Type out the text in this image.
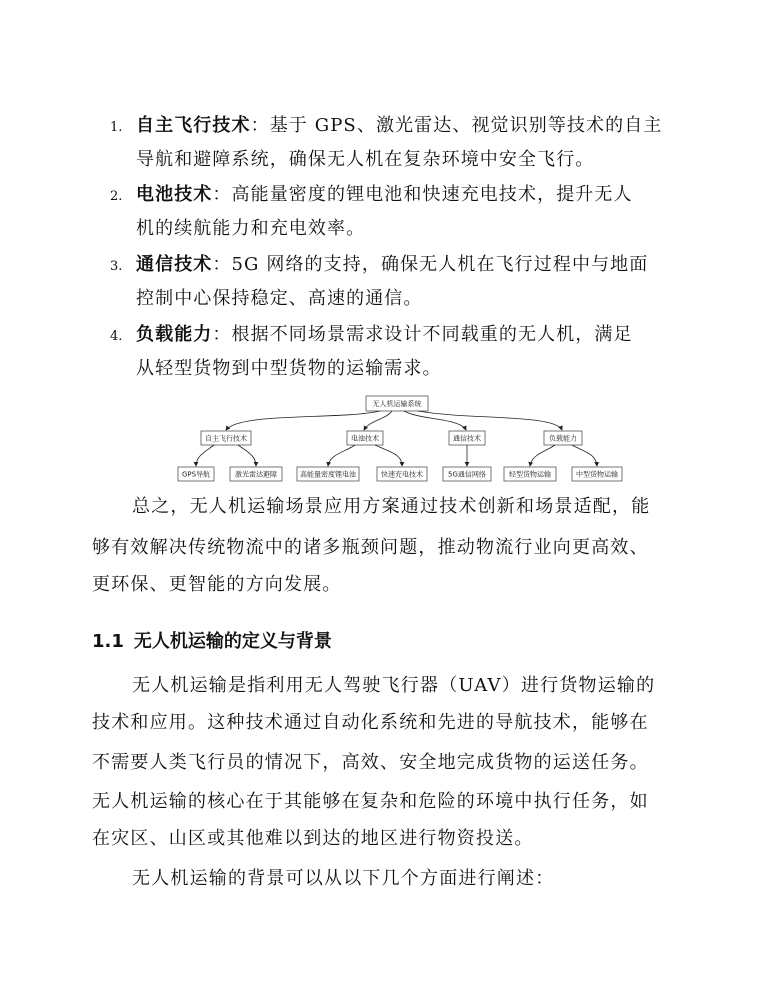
1. 自主飞行技术：基于 GPS、激光雷达、视觉识别等技术的自主
导航和避障系统，确保无人机在复杂环境中安全飞行。
2. 电池技术：高能量密度的锂电池和快速充电技术，提升无人
机的续航能力和充电效率。
3. 通信技术：5G 网络的支持，确保无人机在飞行过程中与地面
控制中心保持稳定、高速的通信。
4. 负载能力：根据不同场景需求设计不同载重的无人机，满足
从轻型货物到中型货物的运输需求。
无人机运输系统
自主飞行技术	电池技术	通信技术	负载能力
GPS导航	激光雷达避障	高能量密度锂电池	快速充电技术	5G通信网络	轻型货物运输	中型货物运输
总之，无人机运输场景应用方案通过技术创新和场景适配，能
够有效解决传统物流中的诸多瓶颈问题，推动物流行业向更高效、
更环保、更智能的方向发展。
1.1 无人机运输的定义与背景
无人机运输是指利用无人驾驶飞行器（UAV）进行货物运输的
技术和应用。这种技术通过自动化系统和先进的导航技术，能够在
不需要人类飞行员的情况下，高效、安全地完成货物的运送任务。
无人机运输的核心在于其能够在复杂和危险的环境中执行任务，如
在灾区、山区或其他难以到达的地区进行物资投送。
无人机运输的背景可以从以下几个方面进行阐述：
